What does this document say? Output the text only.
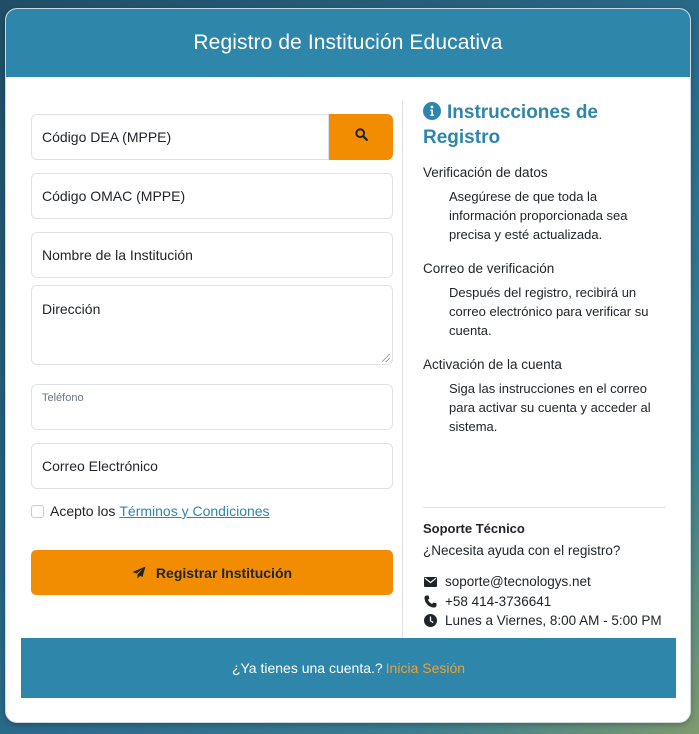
Registro de Institución Educativa
Código DEA (MPPE)
Código OMAC (MPPE)
Nombre de la Institución
Dirección
Teléfono
Correo Electrónico
Acepto los Términos y Condiciones
Registrar Institución
Instrucciones de Registro
Verificación de datos
Asegúrese de que toda la información proporcionada sea precisa y esté actualizada.
Correo de verificación
Después del registro, recibirá un correo electrónico para verificar su cuenta.
Activación de la cuenta
Siga las instrucciones en el correo para activar su cuenta y acceder al sistema.
Soporte Técnico
¿Necesita ayuda con el registro?
soporte@tecnologys.net
+58 414-3736641
Lunes a Viernes, 8:00 AM - 5:00 PM
¿Ya tienes una cuenta.? Inicia Sesión
